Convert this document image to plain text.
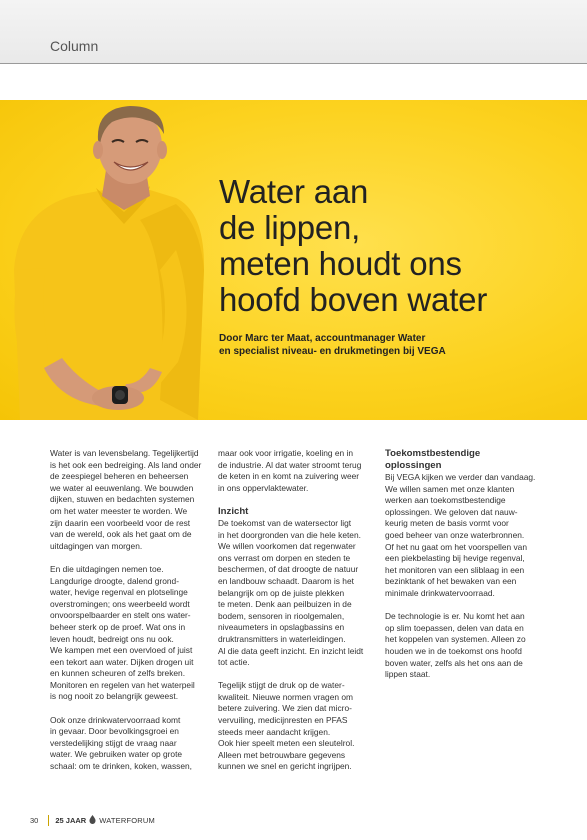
Column
Water aan
de lippen,
meten houdt ons
hoofd boven water
Door Marc ter Maat, accountmanager Water
en specialist niveau- en drukmetingen bij VEGA

Water is van levensbelang. Tegelijkertijd
is het ook een bedreiging. Als land onder
de zeespiegel beheren en beheersen
we water al eeuwenlang. We bouwden
dijken, stuwen en bedachten systemen
om het water meester te worden. We
zijn daarin een voorbeeld voor de rest
van de wereld, ook als het gaat om de
uitdagingen van morgen.

En die uitdagingen nemen toe.
Langdurige droogte, dalend grond-
water, hevige regenval en plotselinge
overstromingen; ons weerbeeld wordt
onvoorspelbaarder en stelt ons water-
beheer sterk op de proef. Wat ons in
leven houdt, bedreigt ons nu ook.
We kampen met een overvloed of juist
een tekort aan water. Dijken drogen uit
en kunnen scheuren of zelfs breken.
Monitoren en regelen van het waterpeil
is nog nooit zo belangrijk geweest.

Ook onze drinkwatervoorraad komt
in gevaar. Door bevolkingsgroei en
verstedelijking stijgt de vraag naar
water. We gebruiken water op grote
schaal: om te drinken, koken, wassen,

maar ook voor irrigatie, koeling en in
de industrie. Al dat water stroomt terug
de keten in en komt na zuivering weer
in ons oppervlaktewater.

Inzicht

De toekomst van de watersector ligt
in het doorgronden van die hele keten.
We willen voorkomen dat regenwater
ons verrast om dorpen en steden te
beschermen, of dat droogte de natuur
en landbouw schaadt. Daarom is het
belangrijk om op de juiste plekken
te meten. Denk aan peilbuizen in de
bodem, sensoren in rioolgemalen,
niveaumeters in opslagbassins en
druktransmitters in waterleidingen.
Al die data geeft inzicht. En inzicht leidt
tot actie.

Tegelijk stijgt de druk op de water-
kwaliteit. Nieuwe normen vragen om
betere zuivering. We zien dat micro-
vervuiling, medicijnresten en PFAS
steeds meer aandacht krijgen.
Ook hier speelt meten een sleutelrol.
Alleen met betrouwbare gegevens
kunnen we snel en gericht ingrijpen.

Toekomstbestendige
oplossingen

Bij VEGA kijken we verder dan vandaag.
We willen samen met onze klanten
werken aan toekomstbestendige
oplossingen. We geloven dat nauw-
keurig meten de basis vormt voor
goed beheer van onze waterbronnen.
Of het nu gaat om het voorspellen van
een piekbelasting bij hevige regenval,
het monitoren van een sliblaag in een
bezinktank of het bewaken van een
minimale drinkwatervoorraad.

De technologie is er. Nu komt het aan
op slim toepassen, delen van data en
het koppelen van systemen. Alleen zo
houden we in de toekomst ons hoofd
boven water, zelfs als het ons aan de
lippen staat.

30 25 JAAR WATERFORUM
